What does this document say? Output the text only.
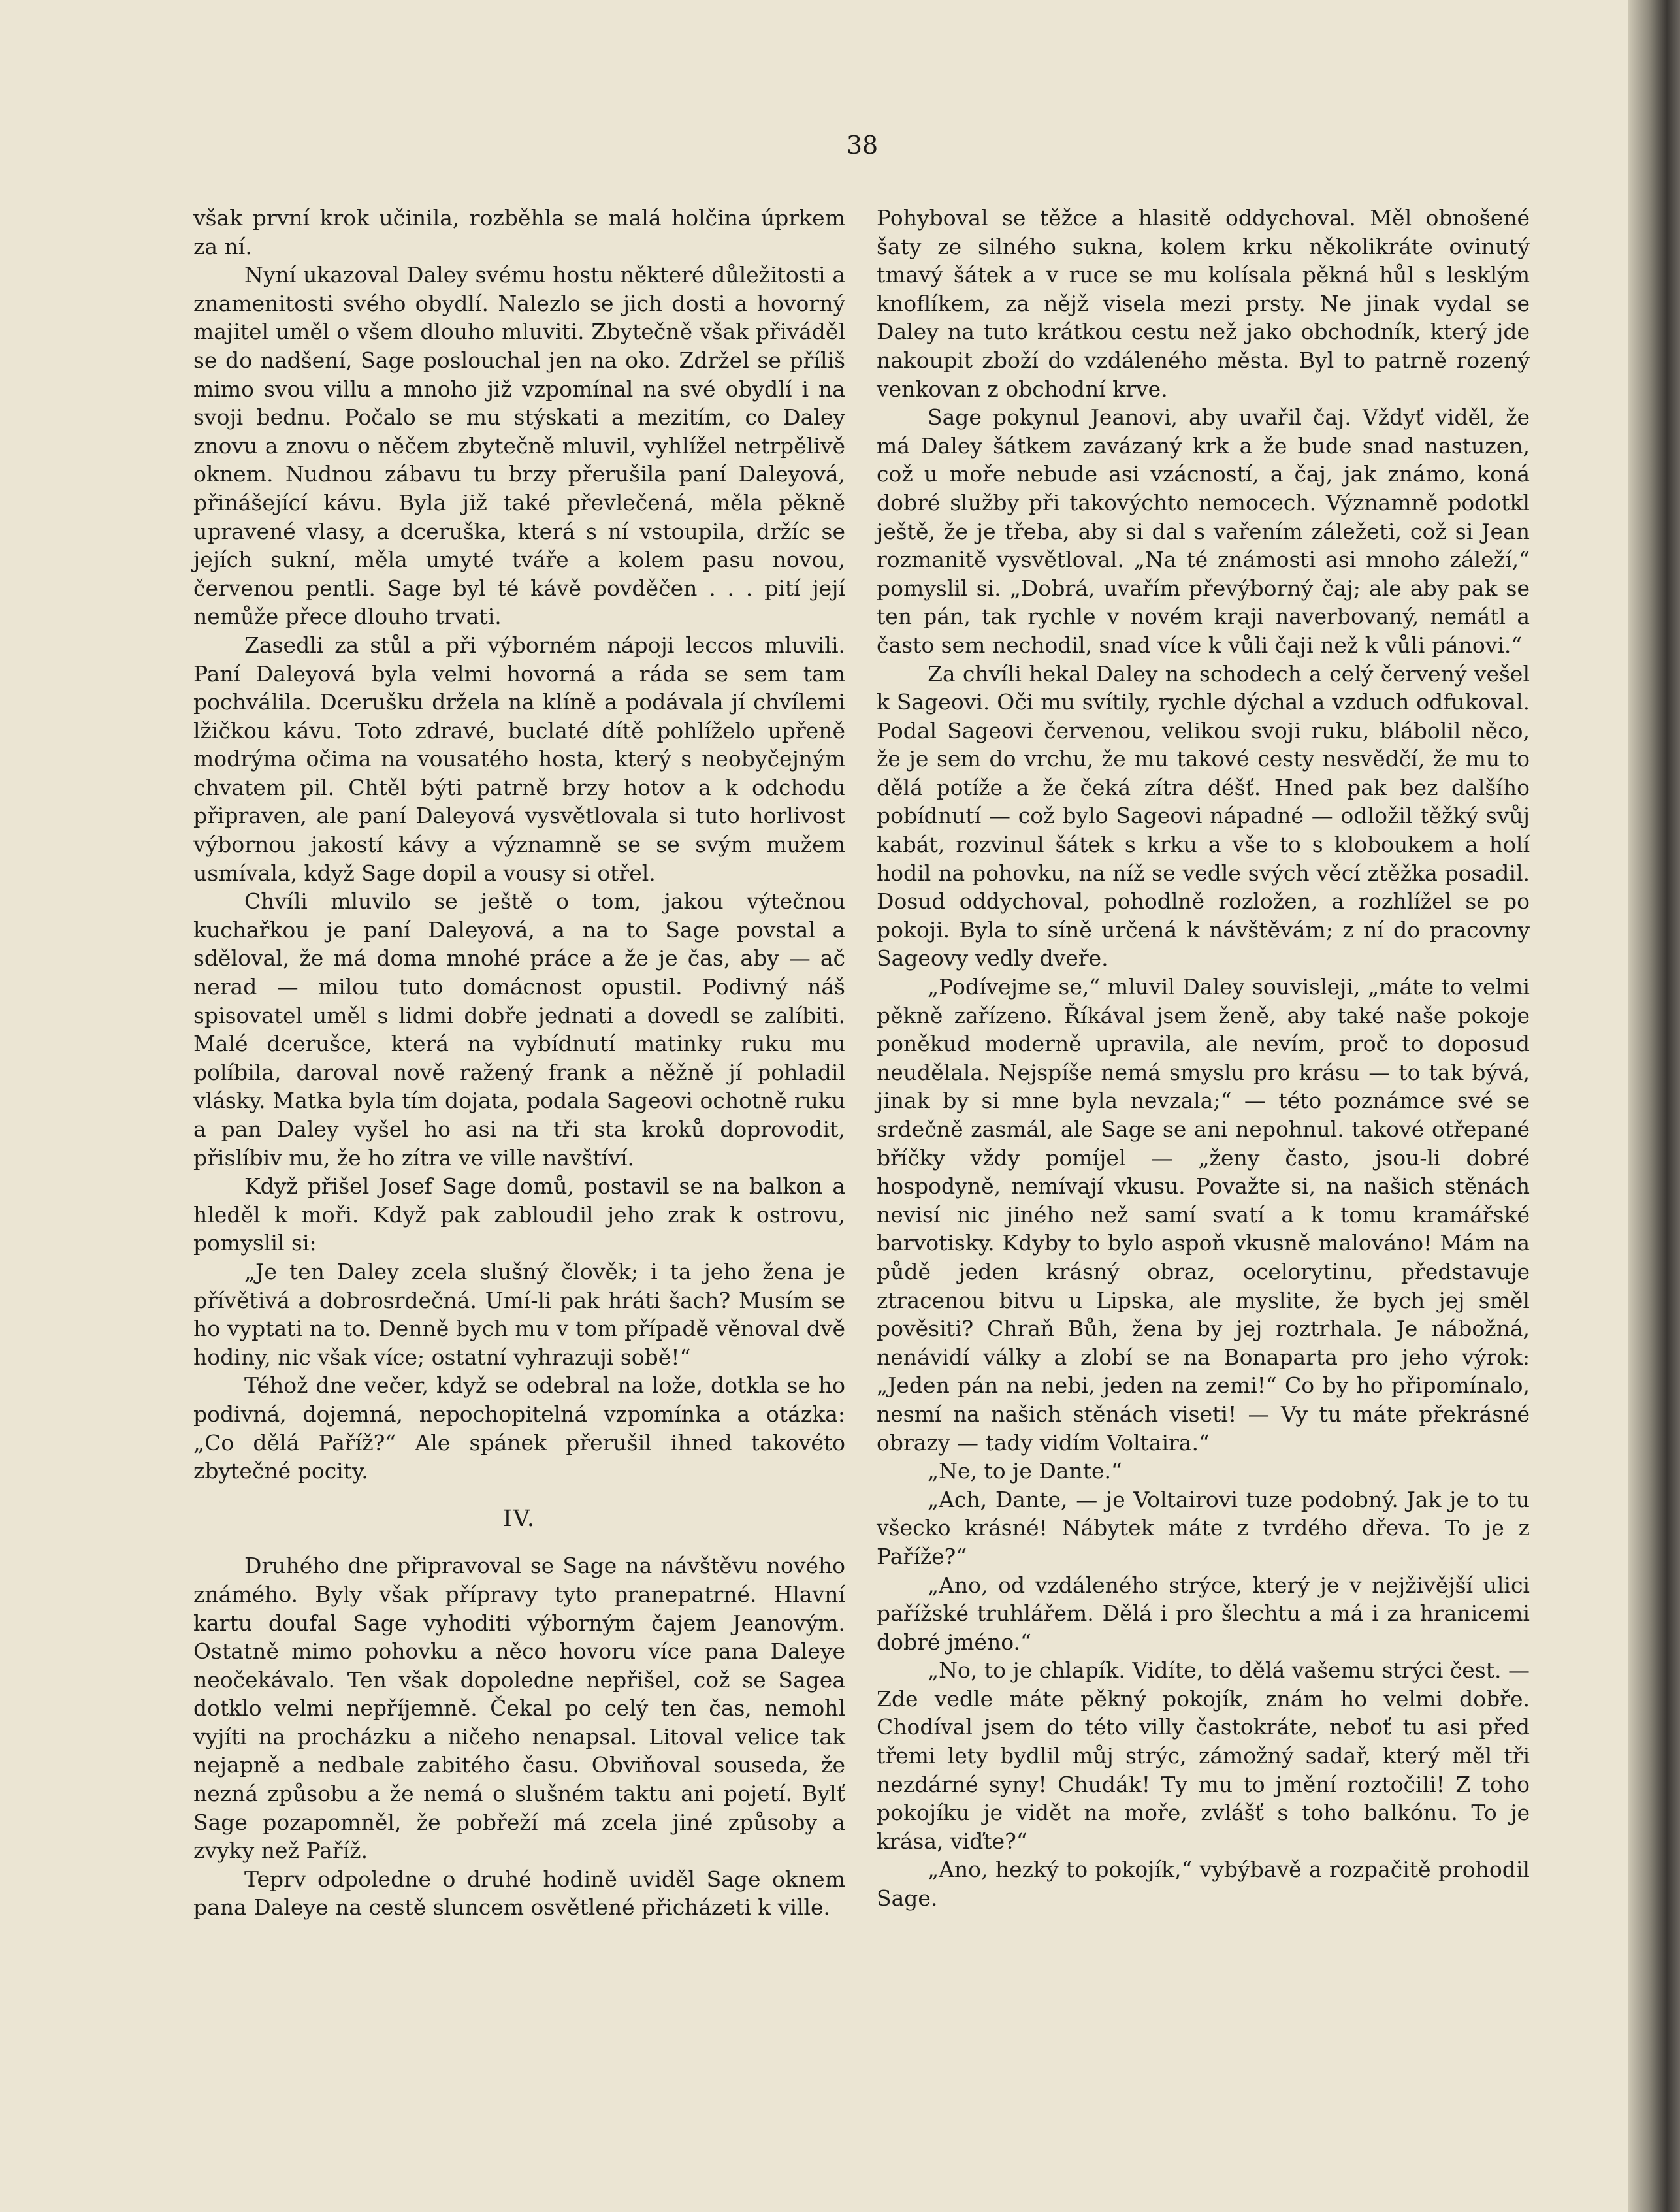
38

však první krok učinila, rozběhla se malá holčina úprkem za ní.

Nyní ukazoval Daley svému hostu některé důležitosti a znamenitosti svého obydlí. Nalezlo se jich dosti a hovorný majitel uměl o všem dlouho mluviti. Zbytečně však přiváděl se do nadšení, Sage poslouchal jen na oko. Zdržel se příliš mimo svou villu a mnoho již vzpomínal na své obydlí i na svoji bednu. Počalo se mu stýskati a mezitím, co Daley znovu a znovu o něčem zbytečně mluvil, vyhlížel netrpělivě oknem. Nudnou zábavu tu brzy přerušila paní Daleyová, přinášející kávu. Byla již také převlečená, měla pěkně upravené vlasy, a dceruška, která s ní vstoupila, držíc se jejích sukní, měla umyté tváře a kolem pasu novou, červenou pentli. Sage byl té kávě povděčen . . . pití její nemůže přece dlouho trvati.

Zasedli za stůl a při výborném nápoji leccos mluvili. Paní Daleyová byla velmi hovorná a ráda se sem tam pochválila. Dcerušku držela na klíně a podávala jí chvílemi lžičkou kávu. Toto zdravé, buclaté dítě pohlíželo upřeně modrýma očima na vousatého hosta, který s neobyčejným chvatem pil. Chtěl býti patrně brzy hotov a k odchodu připraven, ale paní Daleyová vysvětlovala si tuto horlivost výbornou jakostí kávy a významně se se svým mužem usmívala, když Sage dopil a vousy si otřel.

Chvíli mluvilo se ještě o tom, jakou výtečnou kuchařkou je paní Daleyová, a na to Sage povstal a sděloval, že má doma mnohé práce a že je čas, aby — ač nerad — milou tuto domácnost opustil. Podivný náš spisovatel uměl s lidmi dobře jednati a dovedl se zalíbiti. Malé dcerušce, která na vybídnutí matinky ruku mu políbila, daroval nově ražený frank a něžně jí pohladil vlásky. Matka byla tím dojata, podala Sageovi ochotně ruku a pan Daley vyšel ho asi na tři sta kroků doprovodit, přislíbiv mu, že ho zítra ve ville navštíví.

Když přišel Josef Sage domů, postavil se na balkon a hleděl k moři. Když pak zabloudil jeho zrak k ostrovu, pomyslil si:

„Je ten Daley zcela slušný člověk; i ta jeho žena je přívětivá a dobrosrdečná. Umí-li pak hráti šach? Musím se ho vyptati na to. Denně bych mu v tom případě věnoval dvě hodiny, nic však více; ostatní vyhrazuji sobě!“

Téhož dne večer, když se odebral na lože, dotkla se ho podivná, dojemná, nepochopitelná vzpomínka a otázka: „Co dělá Paříž?“ Ale spánek přerušil ihned takovéto zbytečné pocity.

IV.

Druhého dne připravoval se Sage na návštěvu nového známého. Byly však přípravy tyto pranepatrné. Hlavní kartu doufal Sage vyhoditi výborným čajem Jeanovým. Ostatně mimo pohovku a něco hovoru více pana Daleye neočekávalo. Ten však dopoledne nepřišel, což se Sagea dotklo velmi nepříjemně. Čekal po celý ten čas, nemohl vyjíti na procházku a ničeho nenapsal. Litoval velice tak nejapně a nedbale zabitého času. Obviňoval souseda, že nezná způsobu a že nemá o slušném taktu ani pojetí. Bylť Sage pozapomněl, že pobřeží má zcela jiné způsoby a zvyky než Paříž.

Teprv odpoledne o druhé hodině uviděl Sage oknem pana Daleye na cestě sluncem osvětlené přicházeti k ville.

Pohyboval se těžce a hlasitě oddychoval. Měl obnošené šaty ze silného sukna, kolem krku několikráte ovinutý tmavý šátek a v ruce se mu kolísala pěkná hůl s lesklým knoflíkem, za nějž visela mezi prsty. Ne jinak vydal se Daley na tuto krátkou cestu než jako obchodník, který jde nakoupit zboží do vzdáleného města. Byl to patrně rozený venkovan z obchodní krve.

Sage pokynul Jeanovi, aby uvařil čaj. Vždyť viděl, že má Daley šátkem zavázaný krk a že bude snad nastuzen, což u moře nebude asi vzácností, a čaj, jak známo, koná dobré služby při takovýchto nemocech. Významně podotkl ještě, že je třeba, aby si dal s vařením záležeti, což si Jean rozmanitě vysvětloval. „Na té známosti asi mnoho záleží,“ pomyslil si. „Dobrá, uvařím převýborný čaj; ale aby pak se ten pán, tak rychle v novém kraji naverbovaný, nemátl a často sem nechodil, snad více k vůli čaji než k vůli pánovi.“

Za chvíli hekal Daley na schodech a celý červený vešel k Sageovi. Oči mu svítily, rychle dýchal a vzduch odfukoval. Podal Sageovi červenou, velikou svoji ruku, blábolil něco, že je sem do vrchu, že mu takové cesty nesvědčí, že mu to dělá potíže a že čeká zítra déšť. Hned pak bez dalšího pobídnutí — což bylo Sageovi nápadné — odložil těžký svůj kabát, rozvinul šátek s krku a vše to s kloboukem a holí hodil na pohovku, na níž se vedle svých věcí ztěžka posadil. Dosud oddychoval, pohodlně rozložen, a rozhlížel se po pokoji. Byla to síně určená k návštěvám; z ní do pracovny Sageovy vedly dveře.

„Podívejme se,“ mluvil Daley souvisleji, „máte to velmi pěkně zařízeno. Říkával jsem ženě, aby také naše pokoje poněkud moderně upravila, ale nevím, proč to doposud neudělala. Nejspíše nemá smyslu pro krásu — to tak bývá, jinak by si mne byla nevzala;“ — této poznámce své se srdečně zasmál, ale Sage se ani nepohnul. takové otřepané bříčky vždy pomíjel — „ženy často, jsou-li dobré hospodyně, nemívají vkusu. Považte si, na našich stěnách nevisí nic jiného než samí svatí a k tomu kramářské barvotisky. Kdyby to bylo aspoň vkusně malováno! Mám na půdě jeden krásný obraz, ocelorytinu, představuje ztracenou bitvu u Lipska, ale myslite, že bych jej směl pověsiti? Chraň Bůh, žena by jej roztrhala. Je nábožná, nenávidí války a zlobí se na Bonaparta pro jeho výrok: „Jeden pán na nebi, jeden na zemi!“ Co by ho připomínalo, nesmí na našich stěnách viseti! — Vy tu máte překrásné obrazy — tady vidím Voltaira.“

„Ne, to je Dante.“

„Ach, Dante, — je Voltairovi tuze podobný. Jak je to tu všecko krásné! Nábytek máte z tvrdého dřeva. To je z Paříže?“

„Ano, od vzdáleného strýce, který je v nejživější ulici pařížské truhlářem. Dělá i pro šlechtu a má i za hranicemi dobré jméno.“

„No, to je chlapík. Vidíte, to dělá vašemu strýci čest. — Zde vedle máte pěkný pokojík, znám ho velmi dobře. Chodíval jsem do této villy častokráte, neboť tu asi před třemi lety bydlil můj strýc, zámožný sadař, který měl tři nezdárné syny! Chudák! Ty mu to jmění roztočili! Z toho pokojíku je vidět na moře, zvlášť s toho balkónu. To je krása, viďte?“

„Ano, hezký to pokojík,“ vybýbavě a rozpačitě prohodil Sage.
